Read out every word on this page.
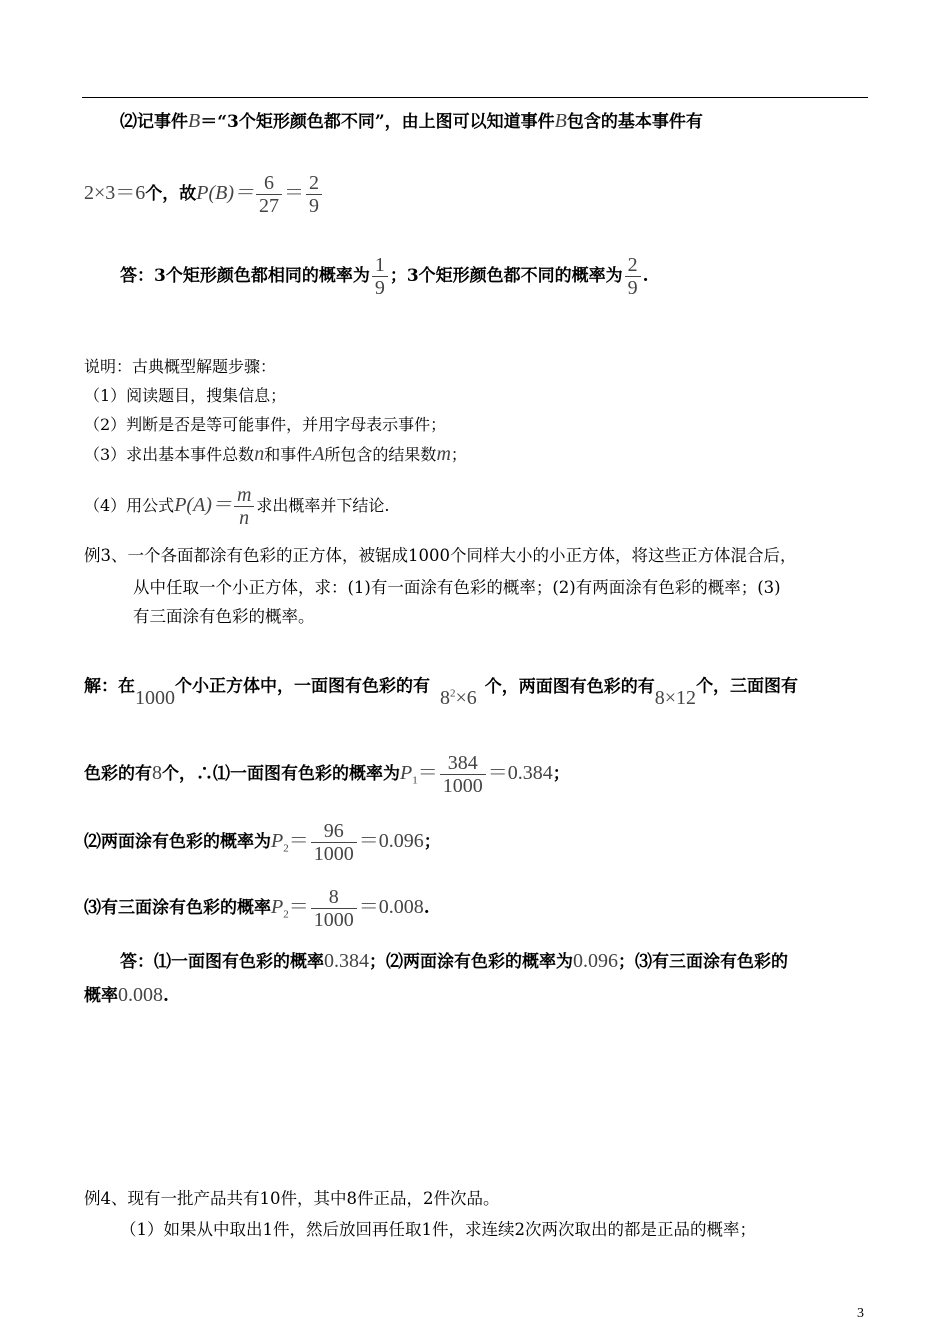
⑵记事件B＝“3个矩形颜色都不同”，由上图可以知道事件B包含的基本事件有
2×3＝6个，故$P(B)= \frac{6}{27} = \frac{2}{9}$
答：3个矩形颜色都相同的概率为 $\frac{1}{9}$ ；3个矩形颜色都不同的概率为 $\frac{2}{9}$ .
说明：古典概型解题步骤：
（1）阅读题目，搜集信息；
（2）判断是否是等可能事件，并用字母表示事件；
（3）求出基本事件总数n和事件A所包含的结果数m；
（4）用公式$P(A)= \frac{m}{n}$ 求出概率并下结论.
例3、一个各面都涂有色彩的正方体，被锯成1000个同样大小的小正方体，将这些正方体混合后，
从中任取一个小正方体，求：(1)有一面涂有色彩的概率；(2)有两面涂有色彩的概率；(3)
有三面涂有色彩的概率。
解：在1000个小正方体中，一面图有色彩的有 $8^2\times 6$ 个，两面图有色彩的有8×12个，三面图有
色彩的有8个，∴⑴一面图有色彩的概率为$P_1= \frac{384}{1000} =0.384$；
⑵两面涂有色彩的概率为$P_2= \frac{96}{1000} =0.096$；
⑶有三面涂有色彩的概率$P_2= \frac{8}{1000} =0.008$.
答：⑴一面图有色彩的概率0.384；⑵两面涂有色彩的概率为0.096；⑶有三面涂有色彩的
概率0.008.
例4、现有一批产品共有10件，其中8件正品，2件次品。
（1）如果从中取出1件，然后放回再任取1件，求连续2次两次取出的都是正品的概率；
3
